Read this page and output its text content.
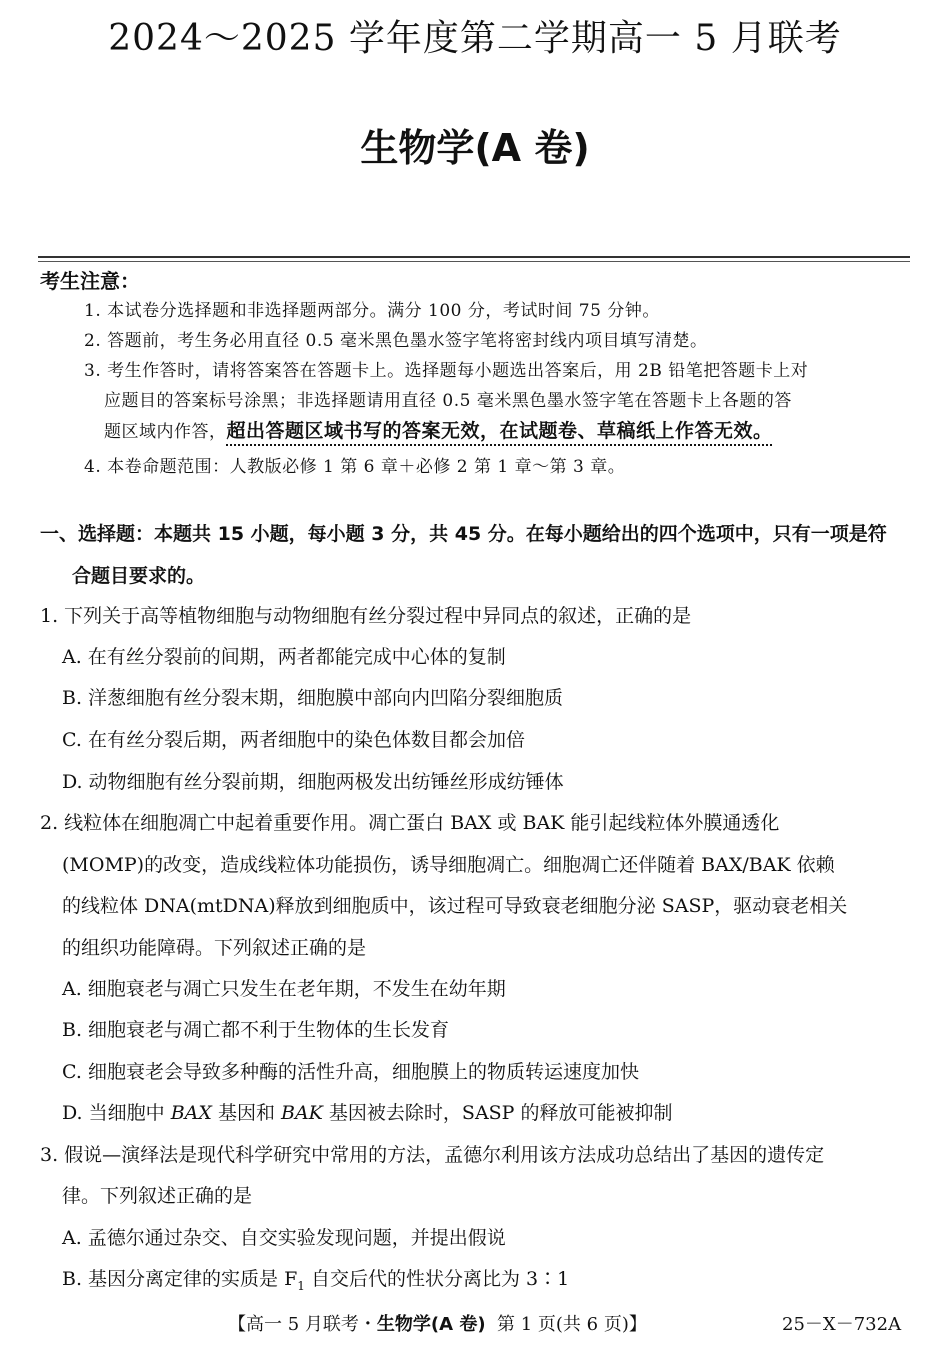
2024～2025 学年度第二学期高一 5 月联考
生物学(A 卷)
考生注意：
1. 本试卷分选择题和非选择题两部分。满分 100 分，考试时间 75 分钟。
2. 答题前，考生务必用直径 0.5 毫米黑色墨水签字笔将密封线内项目填写清楚。
3. 考生作答时，请将答案答在答题卡上。选择题每小题选出答案后，用 2B 铅笔把答题卡上对
应题目的答案标号涂黑；非选择题请用直径 0.5 毫米黑色墨水签字笔在答题卡上各题的答
题区域内作答，超出答题区域书写的答案无效，在试题卷、草稿纸上作答无效。
4. 本卷命题范围：人教版必修 1 第 6 章＋必修 2 第 1 章～第 3 章。
一、选择题：本题共 15 小题，每小题 3 分，共 45 分。在每小题给出的四个选项中，只有一项是符
合题目要求的。
1. 下列关于高等植物细胞与动物细胞有丝分裂过程中异同点的叙述，正确的是
A. 在有丝分裂前的间期，两者都能完成中心体的复制
B. 洋葱细胞有丝分裂末期，细胞膜中部向内凹陷分裂细胞质
C. 在有丝分裂后期，两者细胞中的染色体数目都会加倍
D. 动物细胞有丝分裂前期，细胞两极发出纺锤丝形成纺锤体
2. 线粒体在细胞凋亡中起着重要作用。凋亡蛋白 BAX 或 BAK 能引起线粒体外膜通透化
(MOMP)的改变，造成线粒体功能损伤，诱导细胞凋亡。细胞凋亡还伴随着 BAX/BAK 依赖
的线粒体 DNA(mtDNA)释放到细胞质中，该过程可导致衰老细胞分泌 SASP，驱动衰老相关
的组织功能障碍。下列叙述正确的是
A. 细胞衰老与凋亡只发生在老年期，不发生在幼年期
B. 细胞衰老与凋亡都不利于生物体的生长发育
C. 细胞衰老会导致多种酶的活性升高，细胞膜上的物质转运速度加快
D. 当细胞中 BAX 基因和 BAK 基因被去除时，SASP 的释放可能被抑制
3. 假说—演绎法是现代科学研究中常用的方法，孟德尔利用该方法成功总结出了基因的遗传定
律。下列叙述正确的是
A. 孟德尔通过杂交、自交实验发现问题，并提出假说
B. 基因分离定律的实质是 $F_1$ 自交后代的性状分离比为 3∶1
【高一 5 月联考・生物学(A 卷) 第 1 页(共 6 页)】	25－X－732A
